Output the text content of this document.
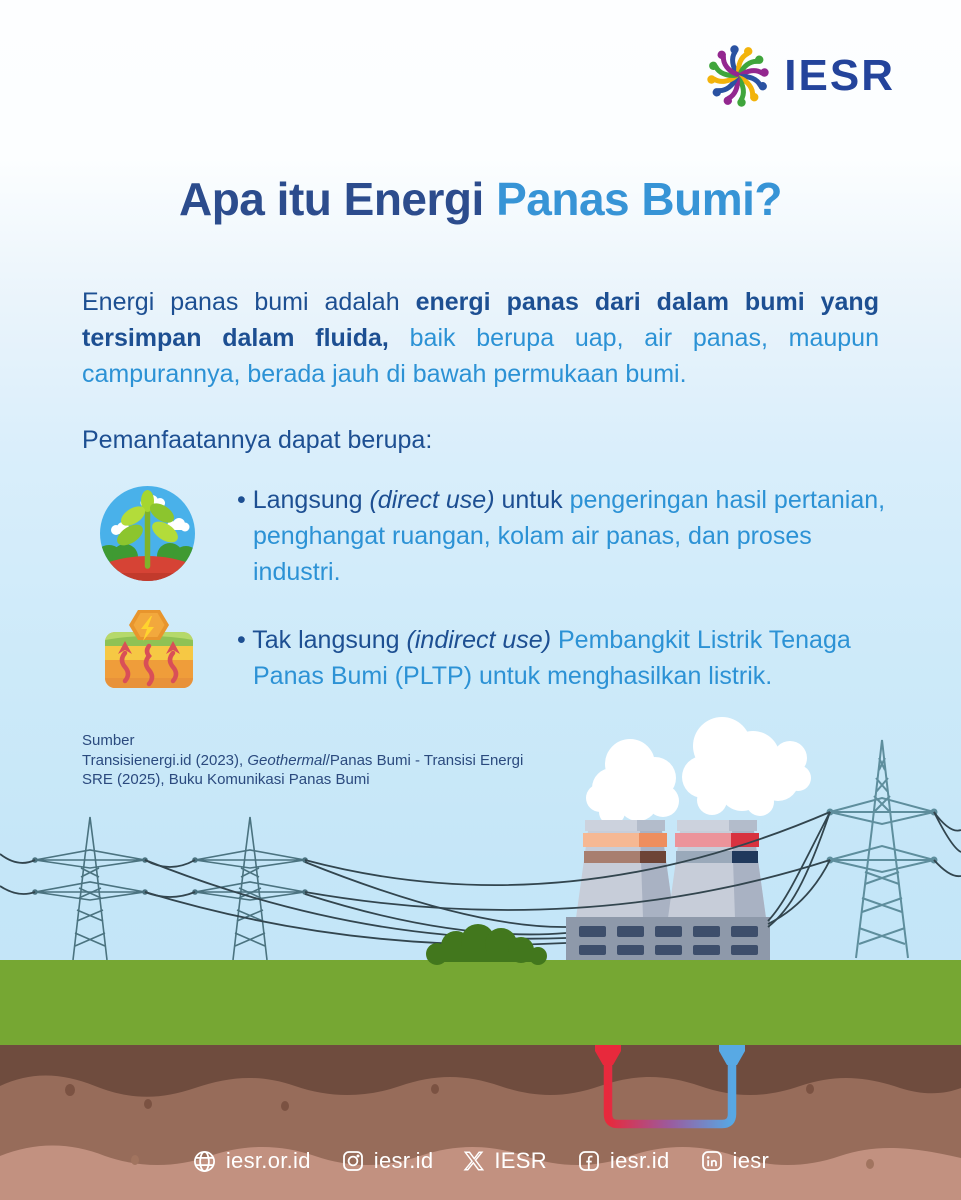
IESR
Apa itu Energi Panas Bumi?

Energi panas bumi adalah energi panas dari dalam bumi yang tersimpan dalam fluida, baik berupa uap, air panas, maupun campurannya, berada jauh di bawah permukaan bumi.

Pemanfaatannya dapat berupa:

• Langsung (direct use) untuk pengeringan hasil pertanian, penghangat ruangan, kolam air panas, dan proses industri.

• Tak langsung (indirect use) Pembangkit Listrik Tenaga Panas Bumi (PLTP) untuk menghasilkan listrik.

Sumber
Transisienergi.id (2023), Geothermal/Panas Bumi - Transisi Energi
SRE (2025), Buku Komunikasi Panas Bumi

iesr.or.id	iesr.id	IESR	iesr.id	iesr
